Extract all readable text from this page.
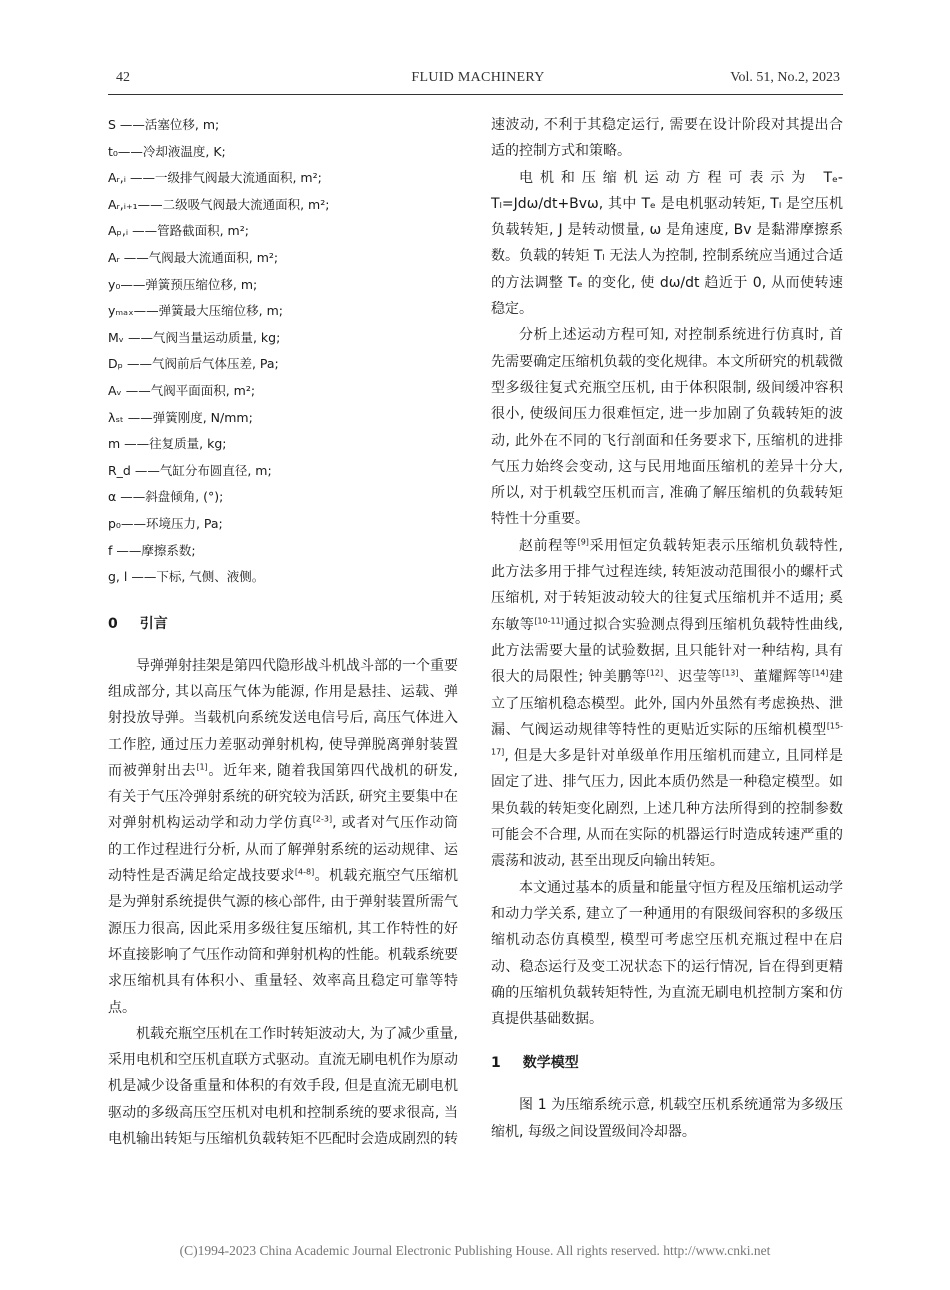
42	FLUID MACHINERY	Vol. 51, No.2, 2023
S ——活塞位移, m;
t₀——冷却液温度, K;
Aᵣ,ᵢ ——一级排气阀最大流通面积, m²;
Aᵣ,ᵢ₊₁——二级吸气阀最大流通面积, m²;
Aₚ,ᵢ ——管路截面积, m²;
Aᵣ ——气阀最大流通面积, m²;
y₀——弹簧预压缩位移, m;
yₘₐₓ——弹簧最大压缩位移, m;
Mᵥ ——气阀当量运动质量, kg;
Dₚ ——气阀前后气体压差, Pa;
Aᵥ ——气阀平面面积, m²;
λₛₜ ——弹簧刚度, N/mm;
m ——往复质量, kg;
R_d ——气缸分布圆直径, m;
α ——斜盘倾角, (°);
p₀——环境压力, Pa;
f ——摩擦系数;
g, l ——下标, 气侧、液侧。
0 引言

导弹弹射挂架是第四代隐形战斗机战斗部的一个重要组成部分, 其以高压气体为能源, 作用是悬挂、运载、弹射投放导弹。当载机向系统发送电信号后, 高压气体进入工作腔, 通过压力差驱动弹射机构, 使导弹脱离弹射装置而被弹射出去[1]。近年来, 随着我国第四代战机的研发, 有关于气压冷弹射系统的研究较为活跃, 研究主要集中在对弹射机构运动学和动力学仿真[2-3], 或者对气压作动筒的工作过程进行分析, 从而了解弹射系统的运动规律、运动特性是否满足给定战技要求[4-8]。机载充瓶空气压缩机是为弹射系统提供气源的核心部件, 由于弹射装置所需气源压力很高, 因此采用多级往复压缩机, 其工作特性的好坏直接影响了气压作动筒和弹射机构的性能。机载系统要求压缩机具有体积小、重量轻、效率高且稳定可靠等特点。

机载充瓶空压机在工作时转矩波动大, 为了减少重量, 采用电机和空压机直联方式驱动。直流无刷电机作为原动机是减少设备重量和体积的有效手段, 但是直流无刷电机驱动的多级高压空压机对电机和控制系统的要求很高, 当电机输出转矩与压缩机负载转矩不匹配时会造成剧烈的转

速波动, 不利于其稳定运行, 需要在设计阶段对其提出合适的控制方式和策略。

电机和压缩机运动方程可表示为 Tₑ-Tₗ=Jdω/dt+Bvω, 其中 Tₑ 是电机驱动转矩, Tₗ 是空压机负载转矩, J 是转动惯量, ω 是角速度, Bv 是黏滞摩擦系数。负载的转矩 Tₗ 无法人为控制, 控制系统应当通过合适的方法调整 Tₑ 的变化, 使 dω/dt 趋近于 0, 从而使转速稳定。

分析上述运动方程可知, 对控制系统进行仿真时, 首先需要确定压缩机负载的变化规律。本文所研究的机载微型多级往复式充瓶空压机, 由于体积限制, 级间缓冲容积很小, 使级间压力很难恒定, 进一步加剧了负载转矩的波动, 此外在不同的飞行剖面和任务要求下, 压缩机的进排气压力始终会变动, 这与民用地面压缩机的差异十分大, 所以, 对于机载空压机而言, 准确了解压缩机的负载转矩特性十分重要。

赵前程等[9]采用恒定负载转矩表示压缩机负载特性, 此方法多用于排气过程连续, 转矩波动范围很小的螺杆式压缩机, 对于转矩波动较大的往复式压缩机并不适用; 奚东敏等[10-11]通过拟合实验测点得到压缩机负载特性曲线, 此方法需要大量的试验数据, 且只能针对一种结构, 具有很大的局限性; 钟美鹏等[12]、迟莹等[13]、董耀辉等[14]建立了压缩机稳态模型。此外, 国内外虽然有考虑换热、泄漏、气阀运动规律等特性的更贴近实际的压缩机模型[15-17], 但是大多是针对单级单作用压缩机而建立, 且同样是固定了进、排气压力, 因此本质仍然是一种稳定模型。如果负载的转矩变化剧烈, 上述几种方法所得到的控制参数可能会不合理, 从而在实际的机器运行时造成转速严重的震荡和波动, 甚至出现反向输出转矩。

本文通过基本的质量和能量守恒方程及压缩机运动学和动力学关系, 建立了一种通用的有限级间容积的多级压缩机动态仿真模型, 模型可考虑空压机充瓶过程中在启动、稳态运行及变工况状态下的运行情况, 旨在得到更精确的压缩机负载转矩特性, 为直流无刷电机控制方案和仿真提供基础数据。

1 数学模型

图 1 为压缩系统示意, 机载空压机系统通常为多级压缩机, 每级之间设置级间冷却器。

(C)1994-2023 China Academic Journal Electronic Publishing House. All rights reserved. http://www.cnki.net
